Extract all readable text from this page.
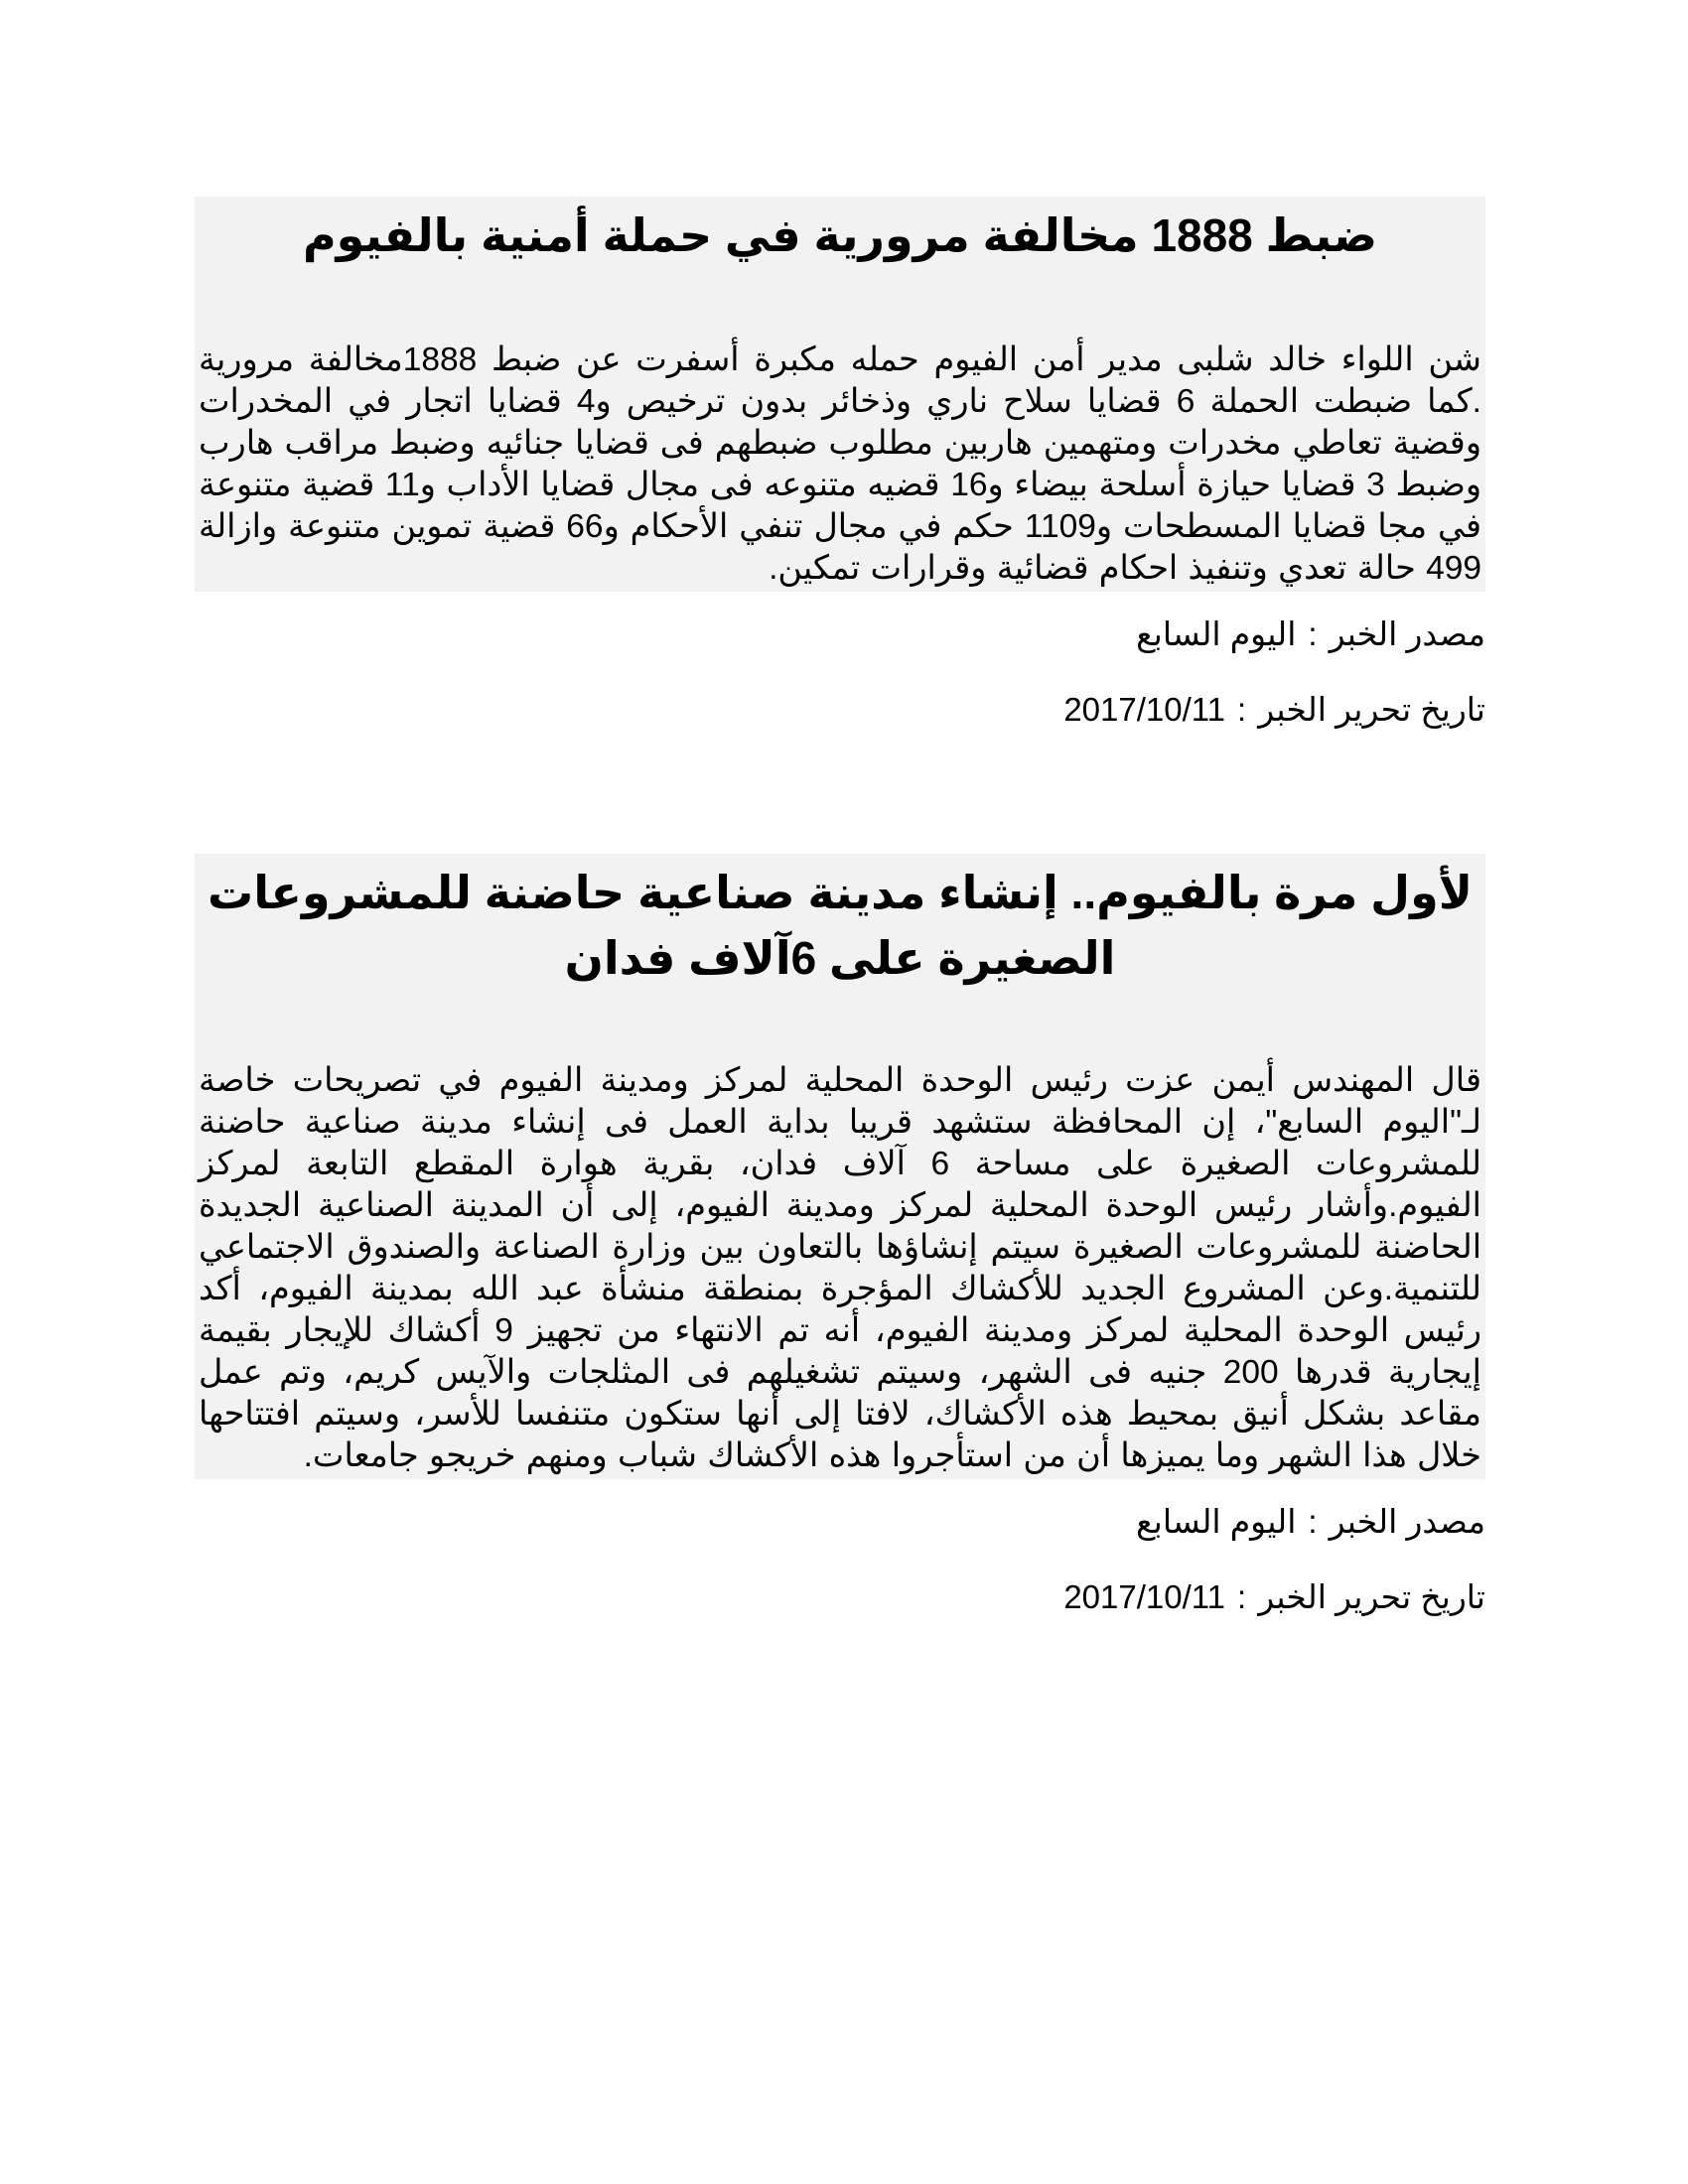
ضبط 1888 مخالفة مرورية في حملة أمنية بالفيوم

شن اللواء خالد شلبى مدير أمن الفيوم حمله مكبرة أسفرت عن ضبط 1888مخالفة مرورية .كما ضبطت الحملة 6 قضايا سلاح ناري وذخائر بدون ترخيص و4 قضايا اتجار في المخدرات وقضية تعاطي مخدرات ومتهمين هاربين مطلوب ضبطهم فى قضايا جنائيه وضبط مراقب هارب وضبط 3 قضايا حيازة أسلحة بيضاء و16 قضيه متنوعه فى مجال قضايا الأداب و11 قضية متنوعة في مجا قضايا المسطحات و1109 حكم في مجال تنفي الأحكام و66 قضية تموين متنوعة وازالة 499 حالة تعدي وتنفيذ احكام قضائية وقرارات تمكين.

مصدر الخبر:اليوم السابع

تاريخ تحرير الخبر:2017/10/11

لأول مرة بالفيوم.. إنشاء مدينة صناعية حاضنة للمشروعات الصغيرة على 6آلاف فدان

قال المهندس أيمن عزت رئيس الوحدة المحلية لمركز ومدينة الفيوم في تصريحات خاصة لـ"اليوم السابع"، إن المحافظة ستشهد قريبا بداية العمل فى إنشاء مدينة صناعية حاضنة للمشروعات الصغيرة على مساحة 6 آلاف فدان، بقرية هوارة المقطع التابعة لمركز الفيوم.وأشار رئيس الوحدة المحلية لمركز ومدينة الفيوم، إلى أن المدينة الصناعية الجديدة الحاضنة للمشروعات الصغيرة سيتم إنشاؤها بالتعاون بين وزارة الصناعة والصندوق الاجتماعي للتنمية.وعن المشروع الجديد للأكشاك المؤجرة بمنطقة منشأة عبد الله بمدينة الفيوم، أكد رئيس الوحدة المحلية لمركز ومدينة الفيوم، أنه تم الانتهاء من تجهيز 9 أكشاك للإيجار بقيمة إيجارية قدرها 200 جنيه فى الشهر، وسيتم تشغيلهم فى المثلجات والآيس كريم، وتم عمل مقاعد بشكل أنيق بمحيط هذه الأكشاك، لافتا إلى أنها ستكون متنفسا للأسر، وسيتم افتتاحها خلال هذا الشهر وما يميزها أن من استأجروا هذه الأكشاك شباب ومنهم خريجو جامعات.

مصدر الخبر:اليوم السابع

تاريخ تحرير الخبر:2017/10/11
